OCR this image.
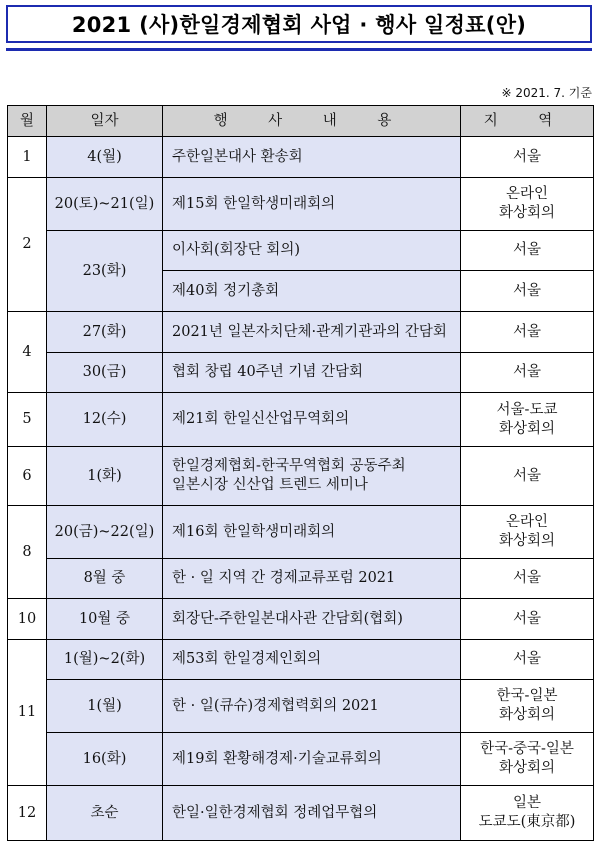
2021 (사)한일경제협회 사업 · 행사 일정표(안)
※ 2021. 7. 기준
월	일자	행 사 내 용	지 역
1	4(월)	주한일본대사 환송회	서울
2	20(토)~21(일)	제15회 한일학생미래회의	온라인
화상회의
	23(화)	이사회(회장단 회의)	서울
		제40회 정기총회	서울
4	27(화)	2021년 일본자치단체·관계기관과의 간담회	서울
	30(금)	협회 창립 40주년 기념 간담회	서울
5	12(수)	제21회 한일신산업무역회의	서울-도쿄
화상회의
6	1(화)	한일경제협회-한국무역협회 공동주최
일본시장 신산업 트렌드 세미나	서울
8	20(금)~22(일)	제16회 한일학생미래회의	온라인
화상회의
	8월 중	한 · 일 지역 간 경제교류포럼 2021	서울
10	10월 중	회장단-주한일본대사관 간담회(협회)	서울
11	1(월)~2(화)	제53회 한일경제인회의	서울
	1(월)	한 · 일(큐슈)경제협력회의 2021	한국-일본
화상회의
	16(화)	제19회 환황해경제·기술교류회의	한국-중국-일본
화상회의
12	초순	한일·일한경제협회 정례업무협의	일본
도쿄도(東京都)
